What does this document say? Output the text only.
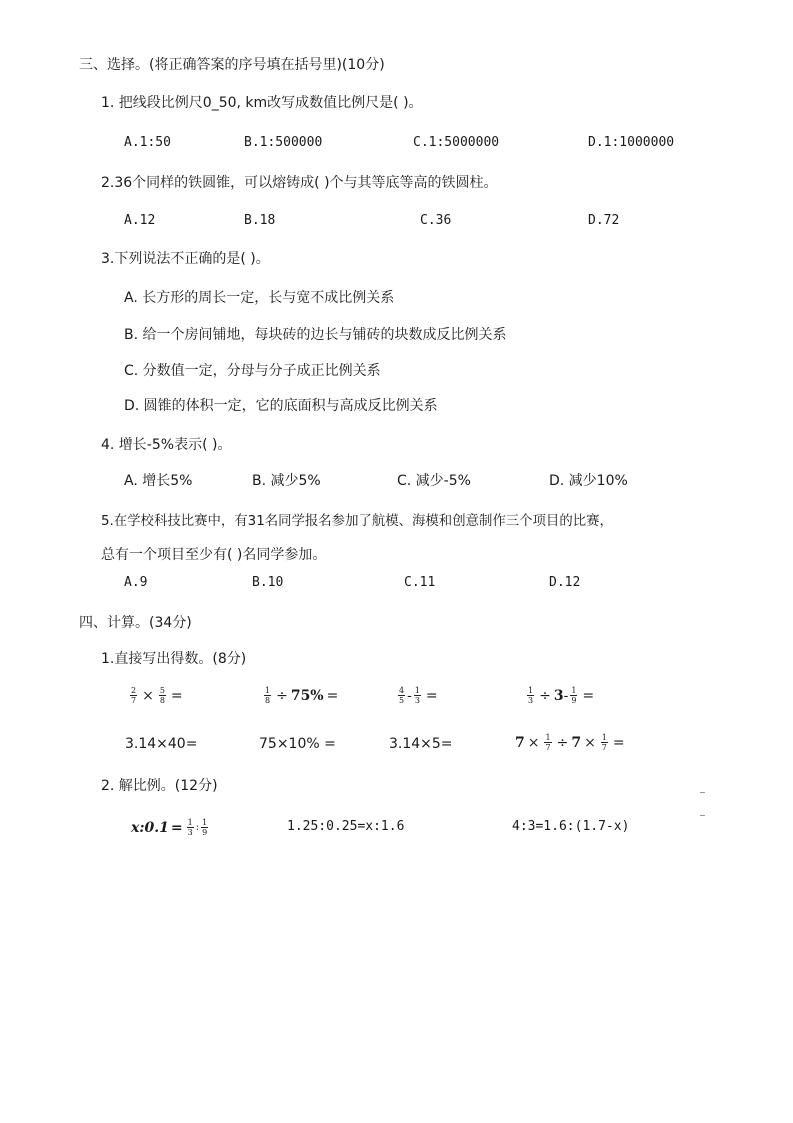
三、选择。(将正确答案的序号填在括号里)(10分)
1. 把线段比例尺0_50, km改写成数值比例尺是( )。
A.1:50	B.1:500000	C.1:5000000	D.1:1000000
2.36个同样的铁圆锥，可以熔铸成( )个与其等底等高的铁圆柱。
A.12	B.18	C.36	D.72
3.下列说法不正确的是( )。
A. 长方形的周长一定，长与宽不成比例关系
B. 给一个房间铺地，每块砖的边长与铺砖的块数成反比例关系
C. 分数值一定，分母与分子成正比例关系
D. 圆锥的体积一定，它的底面积与高成反比例关系
4. 增长-5%表示( )。
A. 增长5%	B. 减少5%	C. 减少-5%	D. 减少10%
5.在学校科技比赛中，有31名同学报名参加了航模、海模和创意制作三个项目的比赛，
总有一个项目至少有( )名同学参加。
A.9	B.10	C.11	D.12
四、计算。(34分)
1.直接写出得数。(8分)
$\frac{2}{7} \times \frac{5}{8}$ =	$\frac{1}{8} \div 75\%$ =	$\frac{4}{5} - \frac{1}{3}$ =	$\frac{1}{3} \div 3 - \frac{1}{9}$ =
3.14×40=	75×10% =	3.14×5=	$7 \times \frac{1}{7} \div 7 \times \frac{1}{7}$ =
2. 解比例。(12分)
x:0.1 = $\frac{1}{3}$ : $\frac{1}{9}$	1.25:0.25=x:1.6	4:3=1.6:(1.7-x)
